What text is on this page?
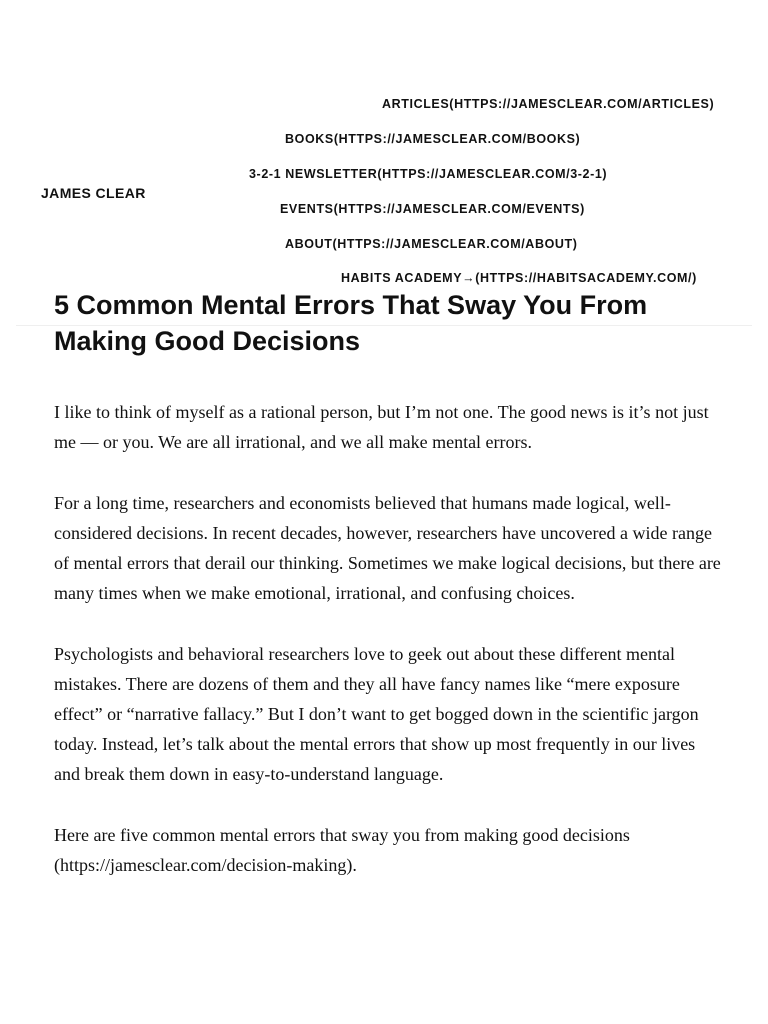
JAMES CLEAR
ARTICLES(HTTPS://JAMESCLEAR.COM/ARTICLES)
BOOKS(HTTPS://JAMESCLEAR.COM/BOOKS)
3-2-1 NEWSLETTER(HTTPS://JAMESCLEAR.COM/3-2-1)
EVENTS(HTTPS://JAMESCLEAR.COM/EVENTS)
ABOUT(HTTPS://JAMESCLEAR.COM/ABOUT)
HABITS ACADEMY→(HTTPS://HABITSACADEMY.COM/)
5 Common Mental Errors That Sway You From Making Good Decisions

I like to think of myself as a rational person, but I’m not one. The good news is it’s not just me — or you. We are all irrational, and we all make mental errors.

For a long time, researchers and economists believed that humans made logical, well-considered decisions. In recent decades, however, researchers have uncovered a wide range of mental errors that derail our thinking. Sometimes we make logical decisions, but there are many times when we make emotional, irrational, and confusing choices.

Psychologists and behavioral researchers love to geek out about these different mental mistakes. There are dozens of them and they all have fancy names like “mere exposure effect” or “narrative fallacy.” But I don’t want to get bogged down in the scientific jargon today. Instead, let’s talk about the mental errors that show up most frequently in our lives and break them down in easy-to-understand language.

Here are five common mental errors that sway you from making good decisions (https://jamesclear.com/decision-making).
